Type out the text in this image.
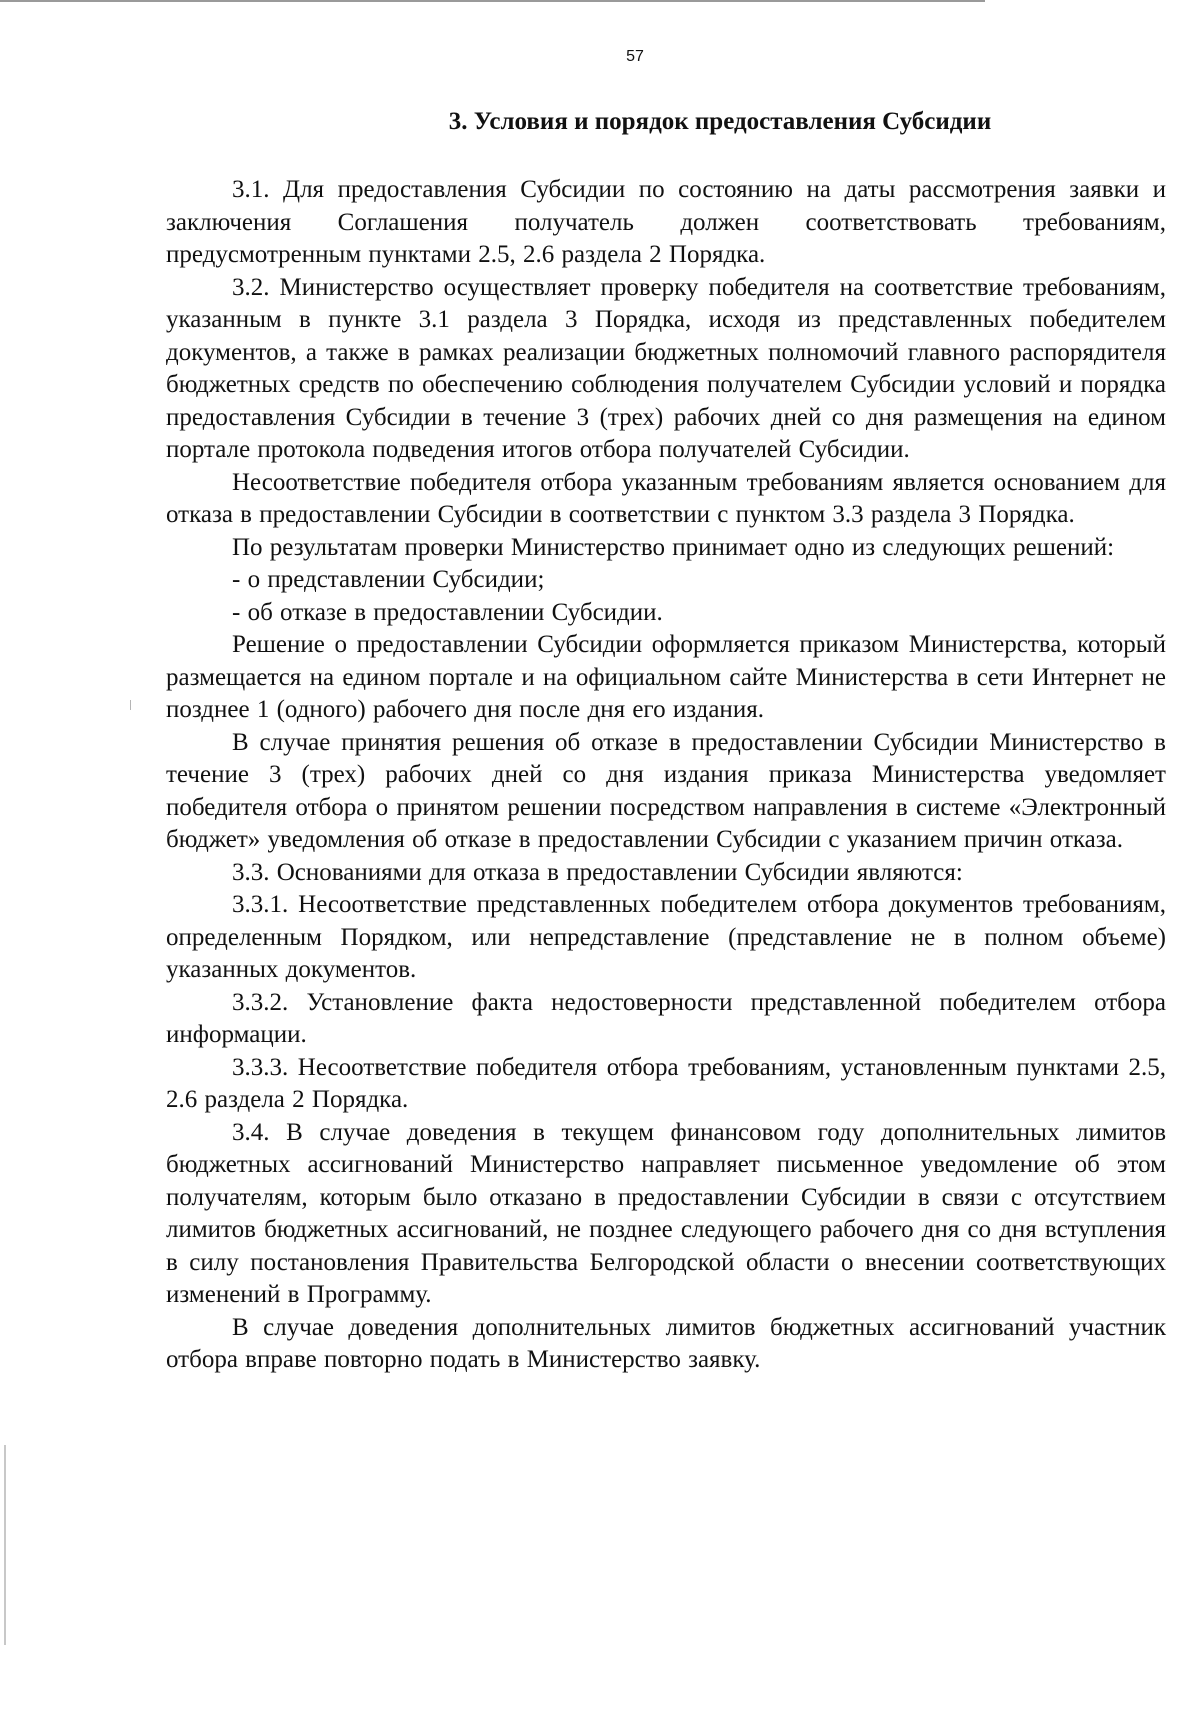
57
3. Условия и порядок предоставления Субсидии

3.1. Для предоставления Субсидии по состоянию на даты рассмотрения заявки и заключения Соглашения получатель должен соответствовать требованиям, предусмотренным пунктами 2.5, 2.6 раздела 2 Порядка.

3.2. Министерство осуществляет проверку победителя на соответствие требованиям, указанным в пункте 3.1 раздела 3 Порядка, исходя из представленных победителем документов, а также в рамках реализации бюджетных полномочий главного распорядителя бюджетных средств по обеспечению соблюдения получателем Субсидии условий и порядка предоставления Субсидии в течение 3 (трех) рабочих дней со дня размещения на едином портале протокола подведения итогов отбора получателей Субсидии.

Несоответствие победителя отбора указанным требованиям является основанием для отказа в предоставлении Субсидии в соответствии с пунктом 3.3 раздела 3 Порядка.

По результатам проверки Министерство принимает одно из следующих решений:

- о представлении Субсидии;

- об отказе в предоставлении Субсидии.

Решение о предоставлении Субсидии оформляется приказом Министерства, который размещается на едином портале и на официальном сайте Министерства в сети Интернет не позднее 1 (одного) рабочего дня после дня его издания.

В случае принятия решения об отказе в предоставлении Субсидии Министерство в течение 3 (трех) рабочих дней со дня издания приказа Министерства уведомляет победителя отбора о принятом решении посредством направления в системе «Электронный бюджет» уведомления об отказе в предоставлении Субсидии с указанием причин отказа.

3.3. Основаниями для отказа в предоставлении Субсидии являются:

3.3.1. Несоответствие представленных победителем отбора документов требованиям, определенным Порядком, или непредставление (представление не в полном объеме) указанных документов.

3.3.2. Установление факта недостоверности представленной победителем отбора информации.

3.3.3. Несоответствие победителя отбора требованиям, установленным пунктами 2.5, 2.6 раздела 2 Порядка.

3.4. В случае доведения в текущем финансовом году дополнительных лимитов бюджетных ассигнований Министерство направляет письменное уведомление об этом получателям, которым было отказано в предоставлении Субсидии в связи с отсутствием лимитов бюджетных ассигнований, не позднее следующего рабочего дня со дня вступления в силу постановления Правительства Белгородской области о внесении соответствующих изменений в Программу.

В случае доведения дополнительных лимитов бюджетных ассигнований участник отбора вправе повторно подать в Министерство заявку.
